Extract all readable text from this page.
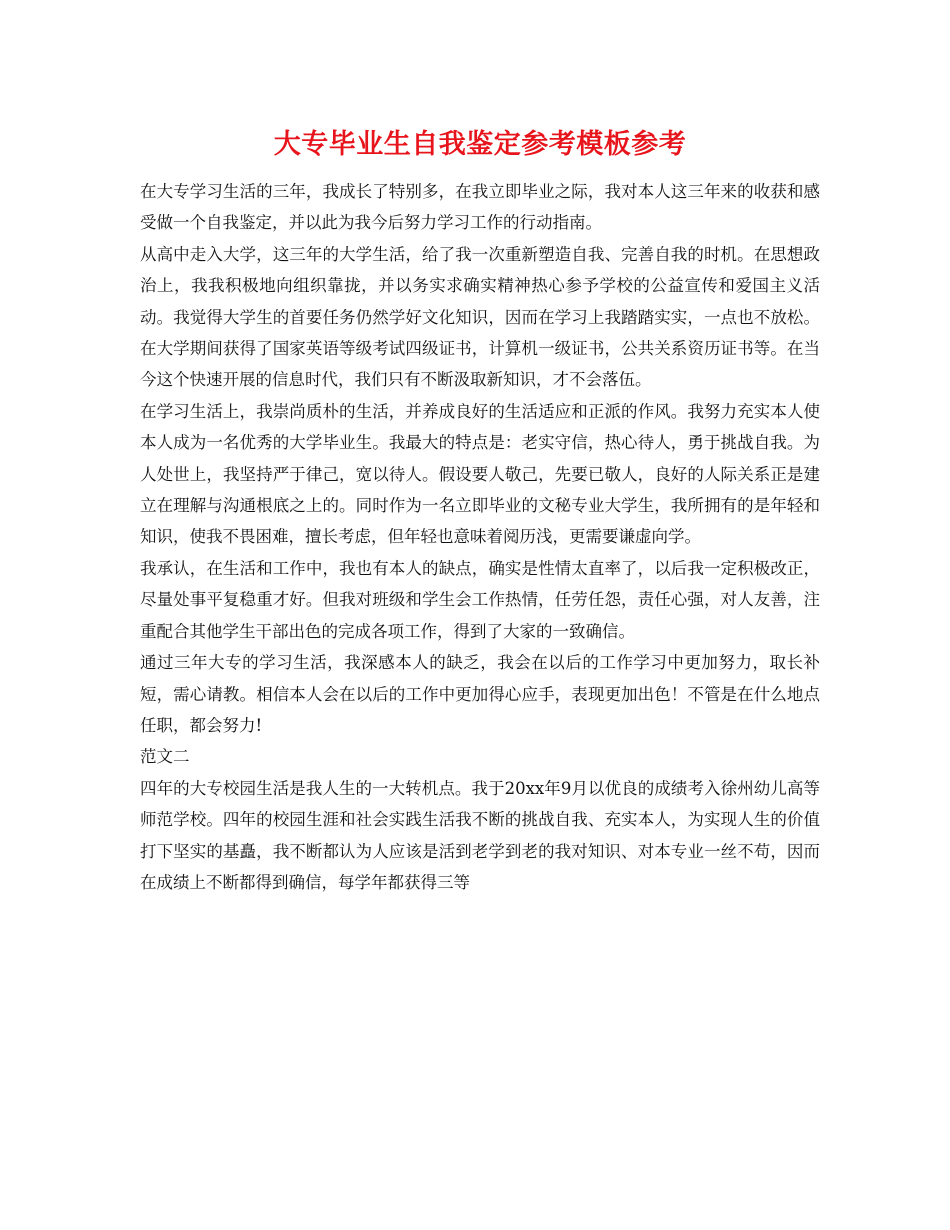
大专毕业生自我鉴定参考模板参考

在大专学习生活的三年，我成长了特别多，在我立即毕业之际，我对本人这三年来的收获和感受做一个自我鉴定，并以此为我今后努力学习工作的行动指南。

从高中走入大学，这三年的大学生活，给了我一次重新塑造自我、完善自我的时机。在思想政治上，我我积极地向组织靠拢，并以务实求确实精神热心参予学校的公益宣传和爱国主义活动。我觉得大学生的首要任务仍然学好文化知识，因而在学习上我踏踏实实，一点也不放松。在大学期间获得了国家英语等级考试四级证书，计算机一级证书，公共关系资历证书等。在当今这个快速开展的信息时代，我们只有不断汲取新知识，才不会落伍。

在学习生活上，我崇尚质朴的生活，并养成良好的生活适应和正派的作风。我努力充实本人使本人成为一名优秀的大学毕业生。我最大的特点是：老实守信，热心待人，勇于挑战自我。为人处世上，我坚持严于律己，宽以待人。假设要人敬己，先要已敬人，良好的人际关系正是建立在理解与沟通根底之上的。同时作为一名立即毕业的文秘专业大学生，我所拥有的是年轻和知识，使我不畏困难，擅长考虑，但年轻也意味着阅历浅，更需要谦虚向学。

我承认，在生活和工作中，我也有本人的缺点，确实是性情太直率了，以后我一定积极改正，尽量处事平复稳重才好。但我对班级和学生会工作热情，任劳任怨，责任心强，对人友善，注重配合其他学生干部出色的完成各项工作，得到了大家的一致确信。

通过三年大专的学习生活，我深感本人的缺乏，我会在以后的工作学习中更加努力，取长补短，需心请教。相信本人会在以后的工作中更加得心应手，表现更加出色！不管是在什么地点任职，都会努力!

范文二

四年的大专校园生活是我人生的一大转机点。我于20xx年9月以优良的成绩考入徐州幼儿高等师范学校。四年的校园生涯和社会实践生活我不断的挑战自我、充实本人，为实现人生的价值打下坚实的基矗，我不断都认为人应该是活到老学到老的我对知识、对本专业一丝不苟，因而在成绩上不断都得到确信，每学年都获得三等
